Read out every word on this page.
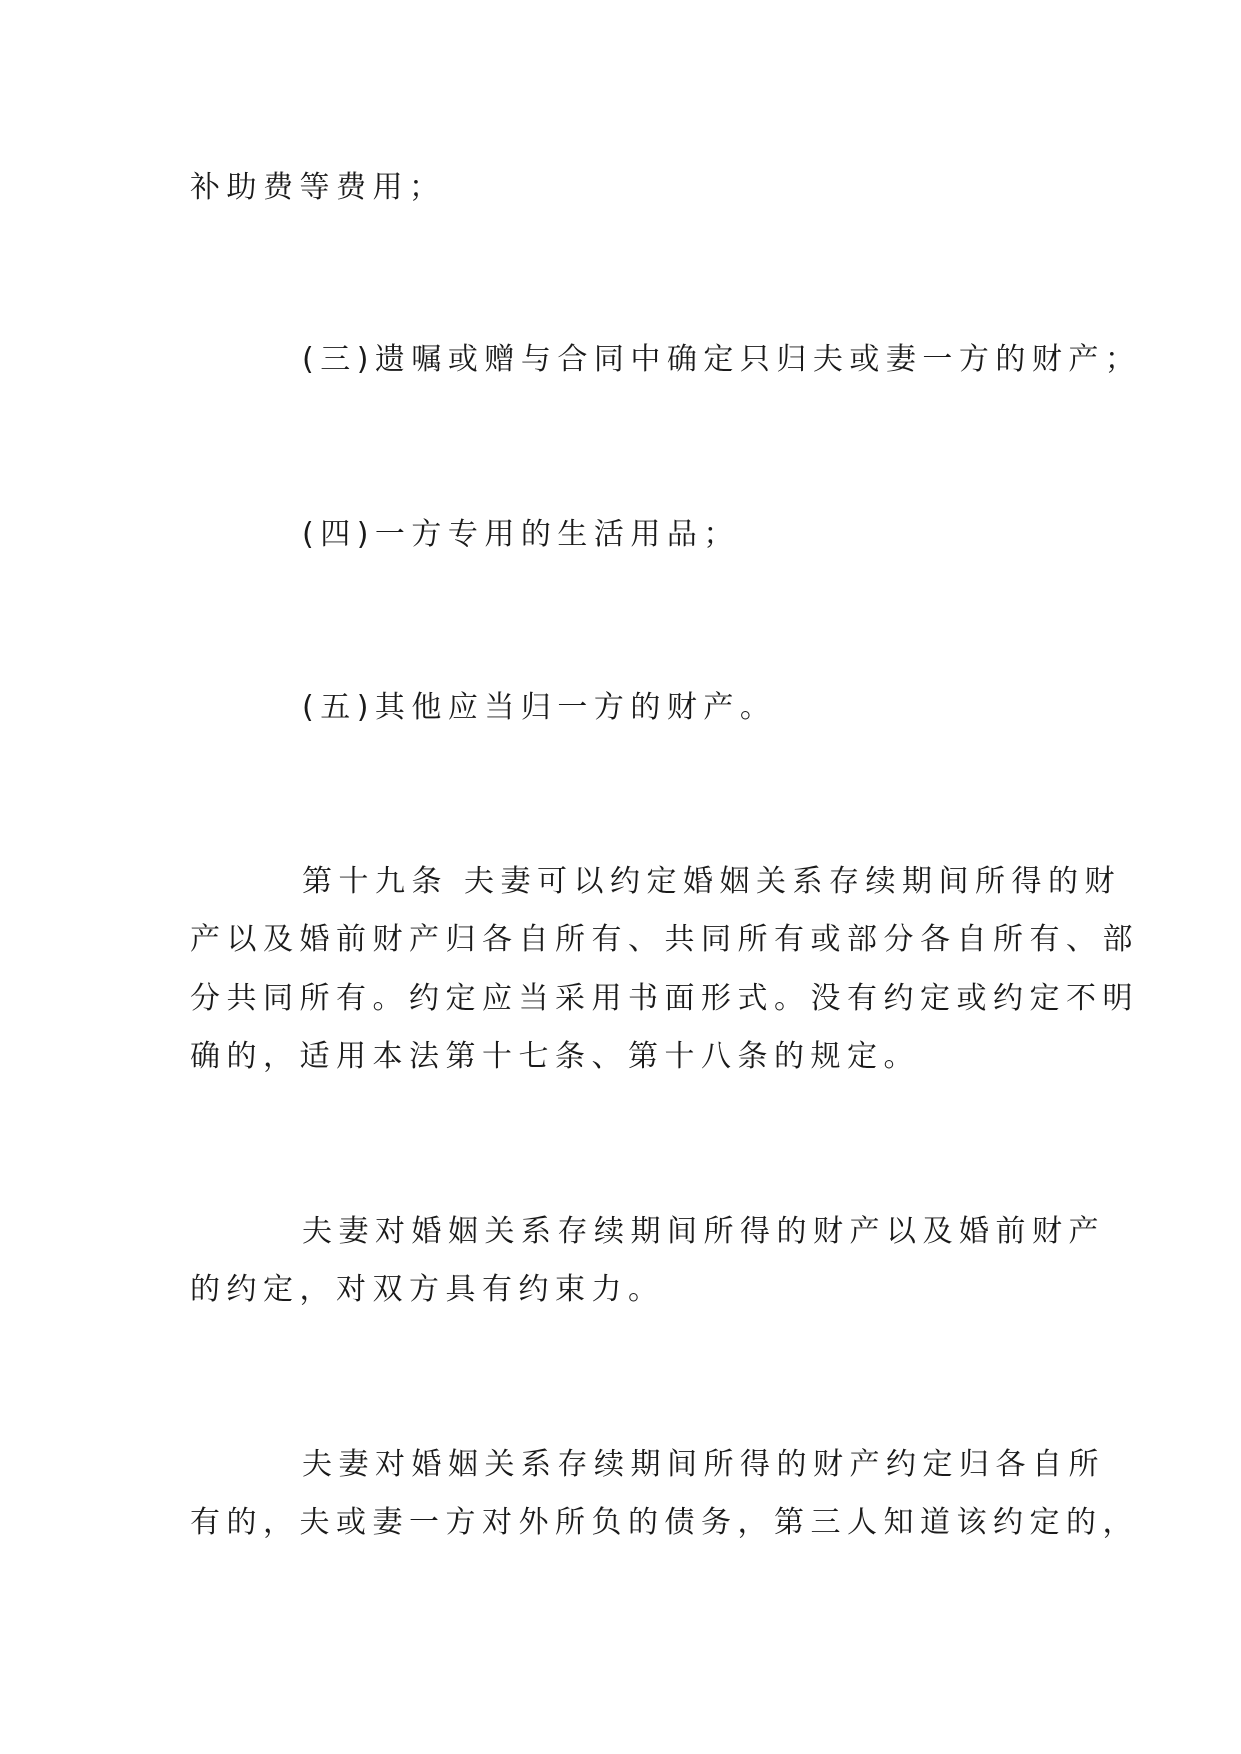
补助费等费用；
(三)遗嘱或赠与合同中确定只归夫或妻一方的财产；
(四)一方专用的生活用品；
(五)其他应当归一方的财产。
第十九条 夫妻可以约定婚姻关系存续期间所得的财
产以及婚前财产归各自所有、共同所有或部分各自所有、部
分共同所有。约定应当采用书面形式。没有约定或约定不明
确的，适用本法第十七条、第十八条的规定。
夫妻对婚姻关系存续期间所得的财产以及婚前财产
的约定，对双方具有约束力。
夫妻对婚姻关系存续期间所得的财产约定归各自所
有的，夫或妻一方对外所负的债务，第三人知道该约定的，
